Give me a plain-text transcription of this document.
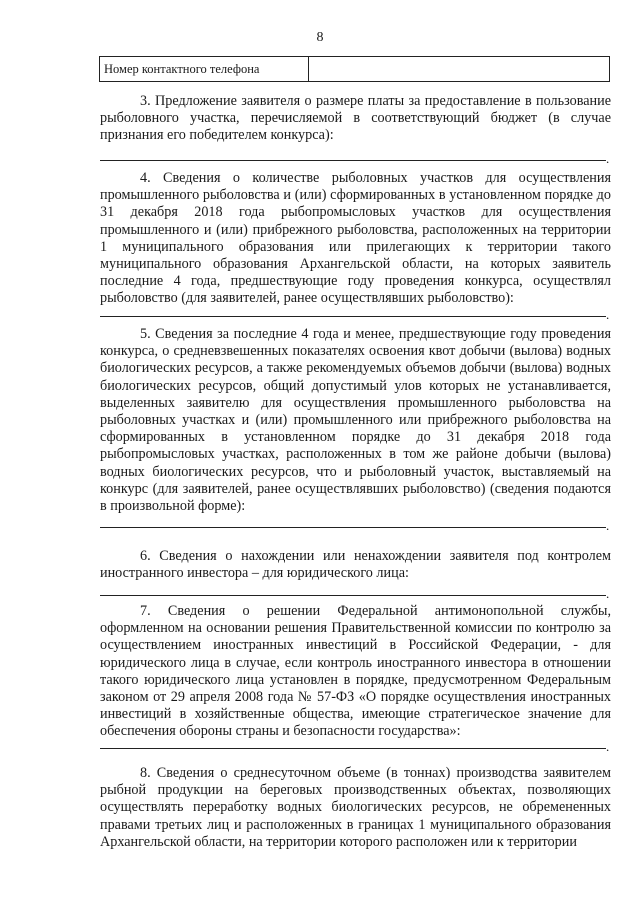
8
Номер контактного телефона	

3. Предложение заявителя о размере платы за предоставление в пользование рыболовного участка, перечисляемой в соответствующий бюджет (в случае признания его победителем конкурса):

.

4. Сведения о количестве рыболовных участков для осуществления промышленного рыболовства и (или) сформированных в установленном порядке до 31 декабря 2018 года рыбопромысловых участков для осуществления промышленного и (или) прибрежного рыболовства, расположенных на территории 1 муниципального образования или прилегающих к территории такого муниципального образования Архангельской области, на которых заявитель последние 4 года, предшествующие году проведения конкурса, осуществлял рыболовство (для заявителей, ранее осуществлявших рыболовство):

.

5. Сведения за последние 4 года и менее, предшествующие году проведения конкурса, о средневзвешенных показателях освоения квот добычи (вылова) водных биологических ресурсов, а также рекомендуемых объемов добычи (вылова) водных биологических ресурсов, общий допустимый улов которых не устанавливается, выделенных заявителю для осуществления промышленного рыболовства на рыболовных участках и (или) промышленного или прибрежного рыболовства на сформированных в установленном порядке до 31 декабря 2018 года рыбопромысловых участках, расположенных в том же районе добычи (вылова) водных биологических ресурсов, что и рыболовный участок, выставляемый на конкурс (для заявителей, ранее осуществлявших рыболовство) (сведения подаются в произвольной форме):

.

6. Сведения о нахождении или ненахождении заявителя под контролем иностранного инвестора – для юридического лица:

.

7. Сведения о решении Федеральной антимонопольной службы, оформленном на основании решения Правительственной комиссии по контролю за осуществлением иностранных инвестиций в Российской Федерации, - для юридического лица в случае, если контроль иностранного инвестора в отношении такого юридического лица установлен в порядке, предусмотренном Федеральным законом от 29 апреля 2008 года № 57-ФЗ «О порядке осуществления иностранных инвестиций в хозяйственные общества, имеющие стратегическое значение для обеспечения обороны страны и безопасности государства»:

.

8. Сведения о среднесуточном объеме (в тоннах) производства заявителем рыбной продукции на береговых производственных объектах, позволяющих осуществлять переработку водных биологических ресурсов, не обремененных правами третьих лиц и расположенных в границах 1 муниципального образования Архангельской области, на территории которого расположен или к территории
